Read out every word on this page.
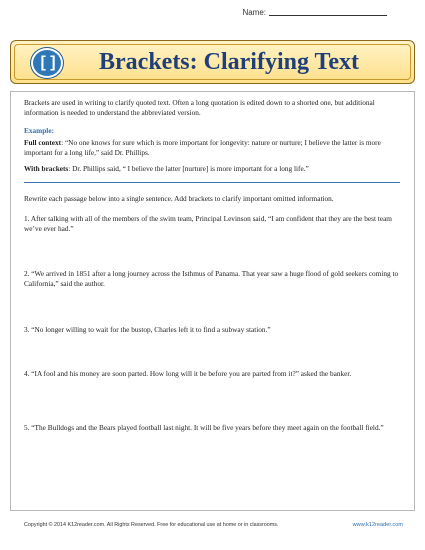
Name:
[ ]	Brackets: Clarifying Text
Brackets are used in writing to clarify quoted text. Often a long quotation is edited down to a shorted one, but additional information is needed to understand the abbreviated version.
Example:
Full context: “No one knows for sure which is more important for longevity: nature or nurture; I believe the latter is more important for a long life,” said Dr. Phillips.
With brackets: Dr. Phillips said, “ I believe the latter [nurture] is more important for a long life.”
Rewrite each passage below into a single sentence. Add brackets to clarify important omitted information.
1. After talking with all of the members of the swim team, Principal Levinson said, “I am confident that they are the best team we’ve ever had.”
2. “We arrived in 1851 after a long journey across the Isthmus of Panama. That year saw a huge flood of gold seekers coming to California,” said the author.
3. “No longer willing to wait for the bustop, Charles left it to find a subway station.”
4. “IA fool and his money are soon parted. How long will it be before you are parted from it?” asked the banker.
5. “The Bulldogs and the Bears played football last night. It will be five years before they meet again on the football field.”
Copyright © 2014 K12reader.com. All Rights Reserved. Free for educational use at home or in classrooms.	www.k12reader.com
